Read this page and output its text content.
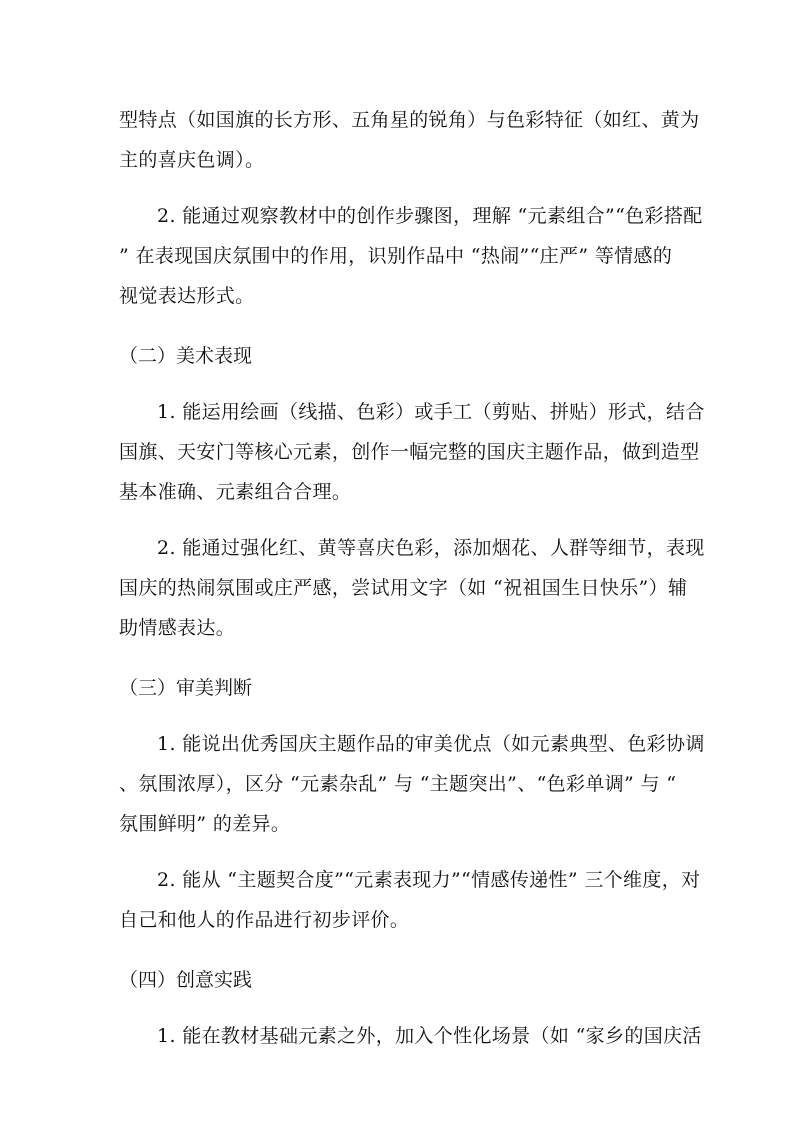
型特点（如国旗的长方形、五角星的锐角）与色彩特征（如红、黄为
主的喜庆色调）。
2. 能通过观察教材中的创作步骤图，理解 “元素组合”“色彩搭配
” 在表现国庆氛围中的作用，识别作品中 “热闹”“庄严” 等情感的
视觉表达形式。
（二）美术表现
1. 能运用绘画（线描、色彩）或手工（剪贴、拼贴）形式，结合
国旗、天安门等核心元素，创作一幅完整的国庆主题作品，做到造型
基本准确、元素组合合理。
2. 能通过强化红、黄等喜庆色彩，添加烟花、人群等细节，表现
国庆的热闹氛围或庄严感，尝试用文字（如 “祝祖国生日快乐”）辅
助情感表达。
（三）审美判断
1. 能说出优秀国庆主题作品的审美优点（如元素典型、色彩协调
、氛围浓厚），区分 “元素杂乱” 与 “主题突出”、“色彩单调” 与 “
氛围鲜明” 的差异。
2. 能从 “主题契合度”“元素表现力”“情感传递性” 三个维度，对
自己和他人的作品进行初步评价。
（四）创意实践
1. 能在教材基础元素之外，加入个性化场景（如 “家乡的国庆活
